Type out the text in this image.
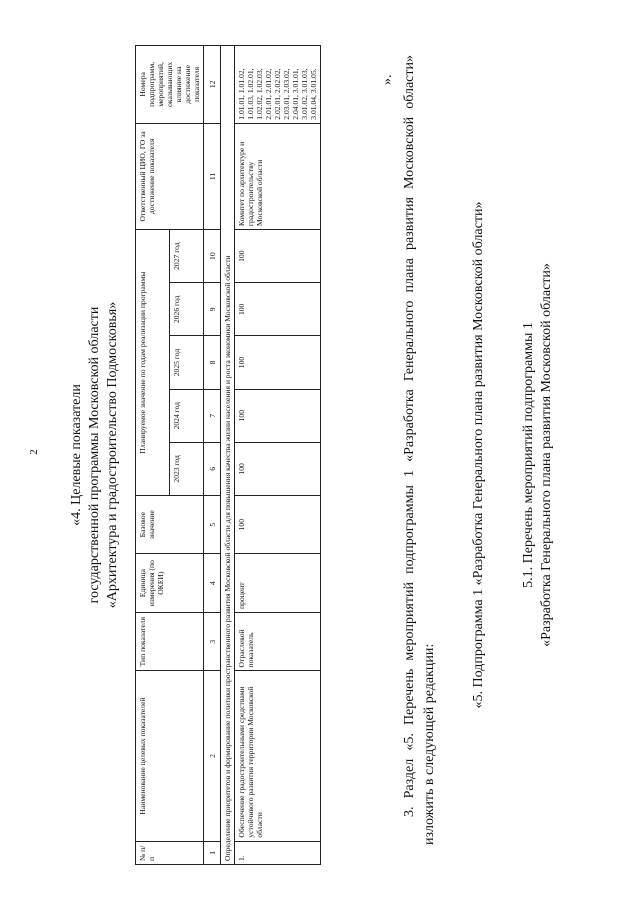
2 «4. Целевые показатели государственной программы Московской области «Архитектура и градостроительство Подмосковья»
№ п/п	Наименование целевых показателей	Тип показателя	Единица измерения (по ОКЕИ)	Базовое значение	Планируемое значение по годам реализации программы					Ответственный ЦИО, ГО за достижение показателя	Номера подпрограмм, мероприятий, оказывающих влияние на достижение показателя
					2023 год	2024 год	2025 год	2026 год	2027 год		
1	2	3	4	5	6	7	8	9	10	11	12
Определение приоритетов и формирование политики пространственного развития Московской области для повышения качества жизни населения и роста экономики Московской области											
1.	Обеспечение градостроительными средствами устойчивого развития территории Московской области	Отраслевой показатель	процент	100	100	100	100	100	100	Комитет по архитектуре и градостроительству Московской области	1.01.01, 1.01.02, 1.01.03, 1.02.01, 1.02.02, 1.02.03, 2.01.01, 2.01.02, 2.02.01, 2.02.02, 2.03.01, 2.03.02, 2.04.01, 3.01.01, 3.01.02, 3.01.03, 3.01.04, 3.01.05.	».
3. Раздел «5. Перечень мероприятий подпрограммы 1 «Разработка Генерального плана развития Московской области» изложить в следующей редакции:
«5. Подпрограмма 1 «Разработка Генерального плана развития Московской области»	5.1. Перечень мероприятий подпрограммы 1 «Разработка Генерального плана развития Московской области»
